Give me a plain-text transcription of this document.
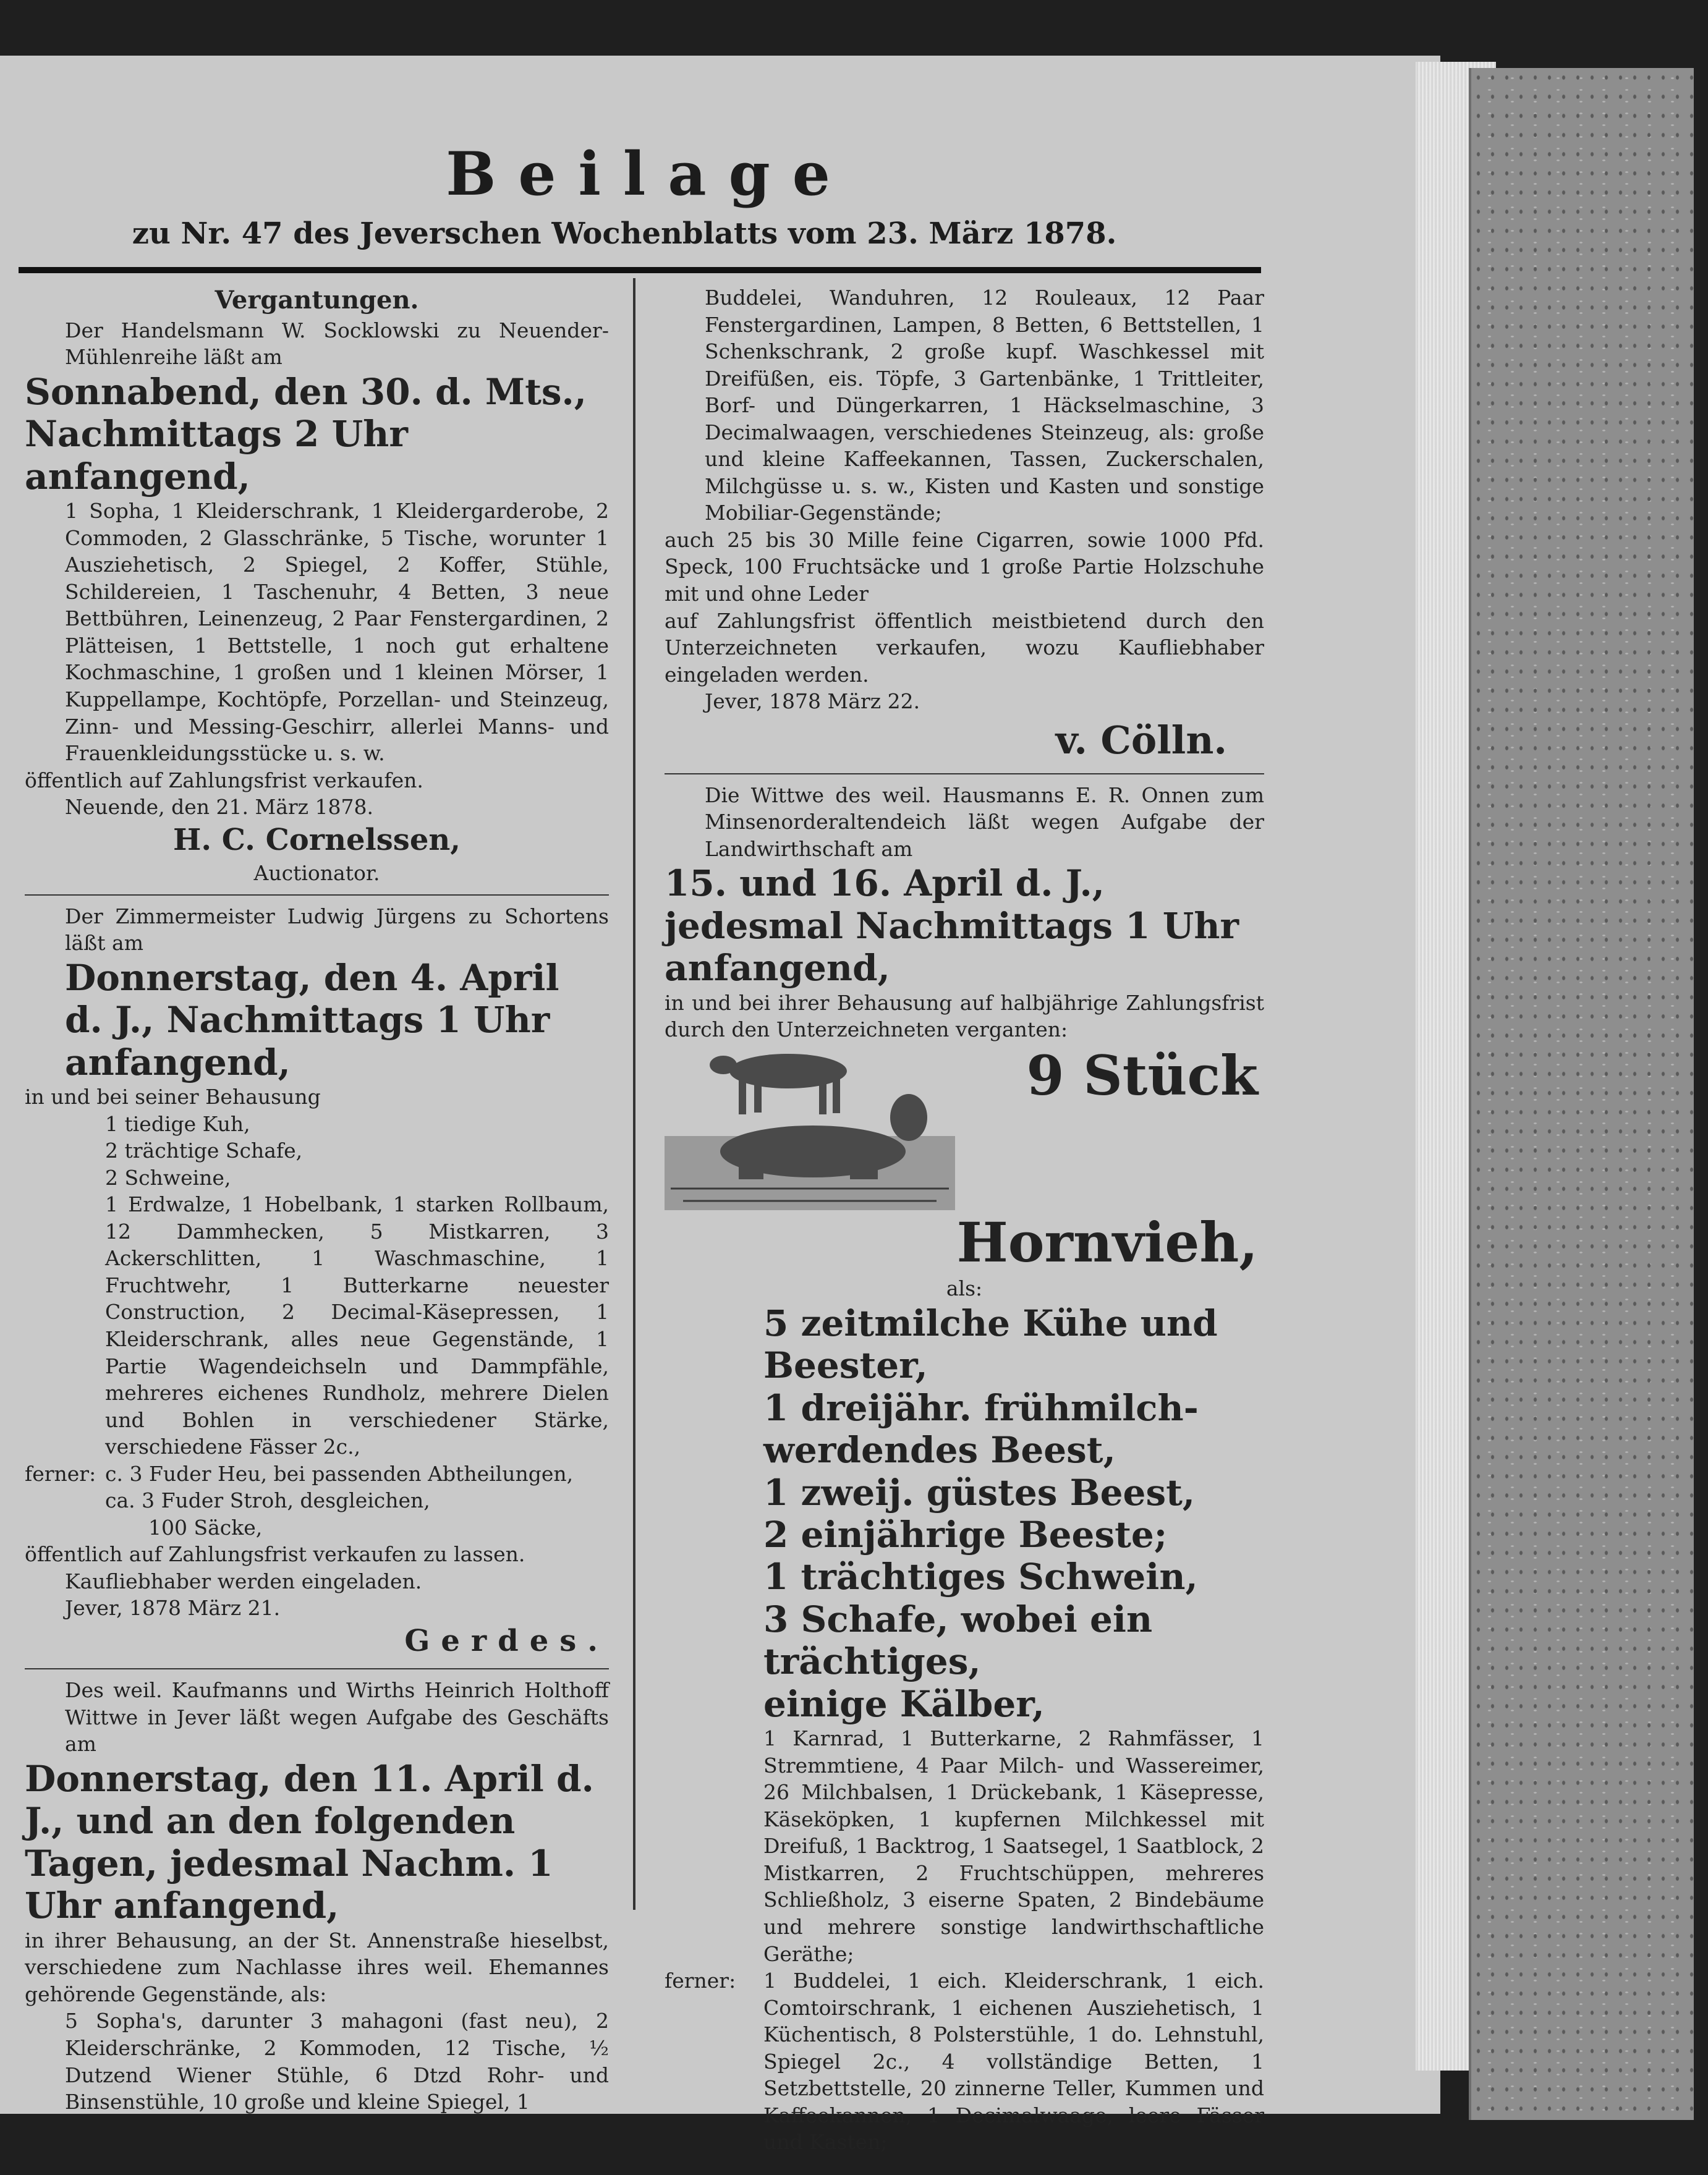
Beilage
zu Nr. 47 des Jeverschen Wochenblatts vom 23. März 1878.

Vergantungen.

Der Handelsmann W. Socklowski zu Neuender-Mühlenreihe läßt am

Sonnabend, den 30. d. Mts.,

Nachmittags 2 Uhr anfangend,

1 Sopha, 1 Kleiderschrank, 1 Kleidergarderobe, 2 Commoden, 2 Glasschränke, 5 Tische, worunter 1 Ausziehetisch, 2 Spiegel, 2 Koffer, Stühle, Schildereien, 1 Taschenuhr, 4 Betten, 3 neue Bettbühren, Leinenzeug, 2 Paar Fenstergardinen, 2 Plätteisen, 1 Bettstelle, 1 noch gut erhaltene Kochmaschine, 1 großen und 1 kleinen Mörser, 1 Kuppellampe, Kochtöpfe, Porzellan- und Steinzeug, Zinn- und Messing-Geschirr, allerlei Manns- und Frauenkleidungsstücke u. s. w.

öffentlich auf Zahlungsfrist verkaufen.

Neuende, den 21. März 1878.

H. C. Cornelssen,

Auctionator.

Der Zimmermeister Ludwig Jürgens zu Schortens läßt am

Donnerstag, den 4. April d. J., Nachmittags 1 Uhr anfangend,

in und bei seiner Behausung

1 tiedige Kuh,

2 trächtige Schafe,

2 Schweine,

1 Erdwalze, 1 Hobelbank, 1 starken Rollbaum, 12 Dammhecken, 5 Mistkarren, 3 Ackerschlitten, 1 Waschmaschine, 1 Fruchtwehr, 1 Butterkarne neuester Construction, 2 Decimal-Käsepressen, 1 Kleiderschrank, alles neue Gegenstände, 1 Partie Wagendeichseln und Dammpfähle, mehreres eichenes Rundholz, mehrere Dielen und Bohlen in verschiedener Stärke, verschiedene Fässer 2c.,

ferner: c. 3 Fuder Heu, bei passenden Abtheilungen,

ca. 3 Fuder Stroh, desgleichen,

100 Säcke,

öffentlich auf Zahlungsfrist verkaufen zu lassen.

Kaufliebhaber werden eingeladen.

Jever, 1878 März 21.

Gerdes.

Des weil. Kaufmanns und Wirths Heinrich Holthoff Wittwe in Jever läßt wegen Aufgabe des Geschäfts am

Donnerstag, den 11. April d. J., und an den folgenden Tagen, jedesmal Nachm. 1 Uhr anfangend,

in ihrer Behausung, an der St. Annenstraße hieselbst, verschiedene zum Nachlasse ihres weil. Ehemannes gehörende Gegenstände, als:

5 Sopha's, darunter 3 mahagoni (fast neu), 2 Kleiderschränke, 2 Kommoden, 12 Tische, ½ Dutzend Wiener Stühle, 6 Dtzd Rohr- und Binsenstühle, 10 große und kleine Spiegel, 1

Buddelei, Wanduhren, 12 Rouleaux, 12 Paar Fenstergardinen, Lampen, 8 Betten, 6 Bettstellen, 1 Schenkschrank, 2 große kupf. Waschkessel mit Dreifüßen, eis. Töpfe, 3 Gartenbänke, 1 Trittleiter, Borf- und Düngerkarren, 1 Häckselmaschine, 3 Decimalwaagen, verschiedenes Steinzeug, als: große und kleine Kaffeekannen, Tassen, Zuckerschalen, Milchgüsse u. s. w., Kisten und Kasten und sonstige Mobiliar-Gegenstände;

auch 25 bis 30 Mille feine Cigarren, sowie 1000 Pfd. Speck, 100 Fruchtsäcke und 1 große Partie Holzschuhe mit und ohne Leder

auf Zahlungsfrist öffentlich meistbietend durch den Unterzeichneten verkaufen, wozu Kaufliebhaber eingeladen werden.

Jever, 1878 März 22.

v. Cölln.

Die Wittwe des weil. Hausmanns E. R. Onnen zum Minsenorderaltendeich läßt wegen Aufgabe der Landwirthschaft am

15. und 16. April d. J., jedesmal Nachmittags 1 Uhr anfangend,

in und bei ihrer Behausung auf halbjährige Zahlungsfrist durch den Unterzeichneten verganten:

9 Stück

Hornvieh,

als:

5 zeitmilche Kühe und Beester,

1 dreijähr. frühmilch-werdendes Beest,

1 zweij. güstes Beest,

2 einjährige Beeste;

1 trächtiges Schwein,

3 Schafe, wobei ein trächtiges,

einige Kälber,

1 Karnrad, 1 Butterkarne, 2 Rahmfässer, 1 Stremmtiene, 4 Paar Milch- und Wassereimer, 26 Milchbalsen, 1 Drückebank, 1 Käsepresse, Käseköpken, 1 kupfernen Milchkessel mit Dreifuß, 1 Backtrog, 1 Saatsegel, 1 Saatblock, 2 Mistkarren, 2 Fruchtschüppen, mehreres Schließholz, 3 eiserne Spaten, 2 Bindebäume und mehrere sonstige landwirthschaftliche Geräthe;

ferner:	1 Buddelei, 1 eich. Kleiderschrank, 1 eich. Comtoirschrank, 1 eichenen Ausziehetisch, 1 Küchentisch, 8 Polsterstühle, 1 do. Lehnstuhl, Spiegel 2c., 4 vollständige Betten, 1 Setzbettstelle, 20 zinnerne Teller, Kummen und Kaffeekannen, 1 Decimalwaage, leere Fässer und Kasten;
